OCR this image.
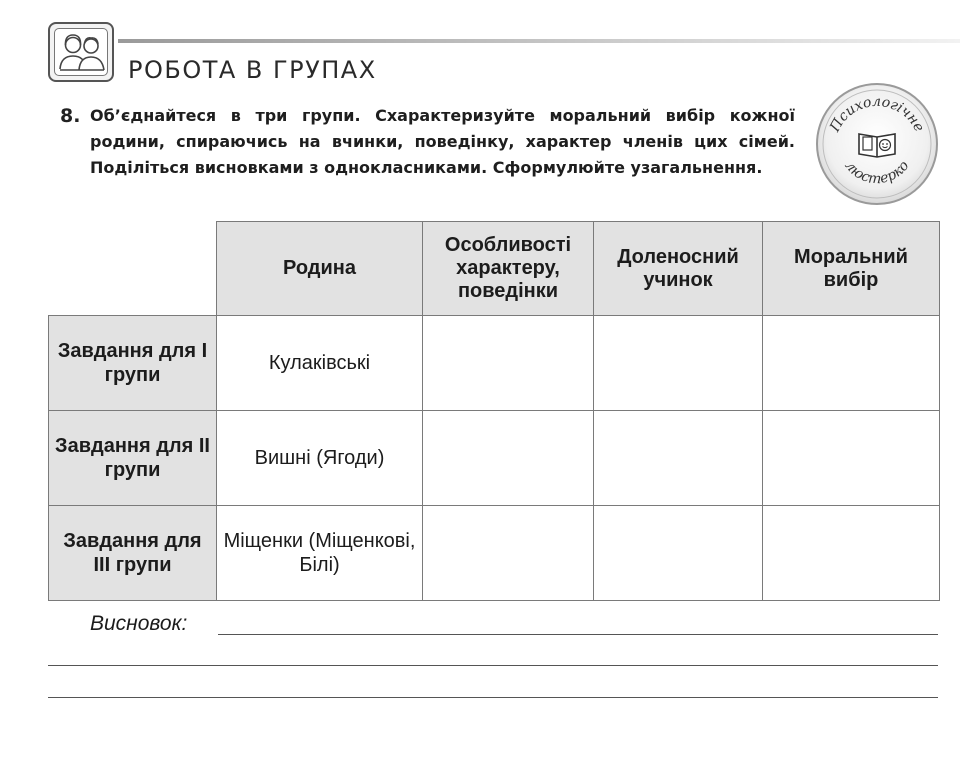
РОБОТА В ГРУПАХ
8. Об’єднайтеся в три групи. Схарактеризуйте моральний вибір кожної родини, спираючись на вчинки, поведінку, характер членів цих сімей. Поділіться висновками з однокласниками. Сформулюйте узагальнення.
Психологічне
люстерко
	Родина	Особливості характеру, поведінки	Доленосний учинок	Моральний вибір
Завдання для І групи	Кулаківські			
Завдання для ІІ групи	Вишні (Ягоди)			
Завдання для ІІІ групи	Міщенки (Міщенкові, Білі)			
Висновок:
